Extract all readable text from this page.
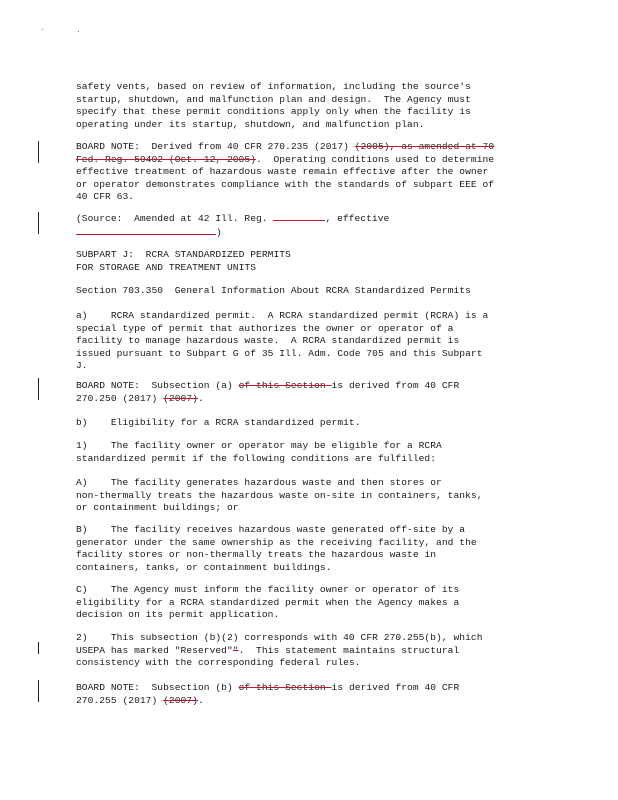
safety vents, based on review of information, including the source's
startup, shutdown, and malfunction plan and design.  The Agency must
specify that these permit conditions apply only when the facility is
operating under its startup, shutdown, and malfunction plan.
BOARD NOTE:  Derived from 40 CFR 270.235 (2017) (2005), as amended at 70
Fed. Reg. 59402 (Oct. 12, 2005).  Operating conditions used to determine
effective treatment of hazardous waste remain effective after the owner
or operator demonstrates compliance with the standards of subpart EEE of
40 CFR 63.
(Source:  Amended at 42 Ill. Reg.	, effective
)
SUBPART J:  RCRA STANDARDIZED PERMITS
FOR STORAGE AND TREATMENT UNITS
Section 703.350  General Information About RCRA Standardized Permits
a)    RCRA standardized permit.  A RCRA standardized permit (RCRA) is a
special type of permit that authorizes the owner or operator of a
facility to manage hazardous waste.  A RCRA standardized permit is
issued pursuant to Subpart G of 35 Ill. Adm. Code 705 and this Subpart
J.
BOARD NOTE:  Subsection (a) of this Section is derived from 40 CFR
270.250 (2017) (2007).
b)    Eligibility for a RCRA standardized permit.
1)    The facility owner or operator may be eligible for a RCRA
standardized permit if the following conditions are fulfilled:
A)    The facility generates hazardous waste and then stores or
non-thermally treats the hazardous waste on-site in containers, tanks,
or containment buildings; or
B)    The facility receives hazardous waste generated off-site by a
generator under the same ownership as the receiving facility, and the
facility stores or non-thermally treats the hazardous waste in
containers, tanks, or containment buildings.
C)    The Agency must inform the facility owner or operator of its
eligibility for a RCRA standardized permit when the Agency makes a
decision on its permit application.
2)    This subsection (b)(2) corresponds with 40 CFR 270.255(b), which
USEPA has marked "Reserved"".  This statement maintains structural
consistency with the corresponding federal rules.
BOARD NOTE:  Subsection (b) of this Section is derived from 40 CFR
270.255 (2017) (2007).
